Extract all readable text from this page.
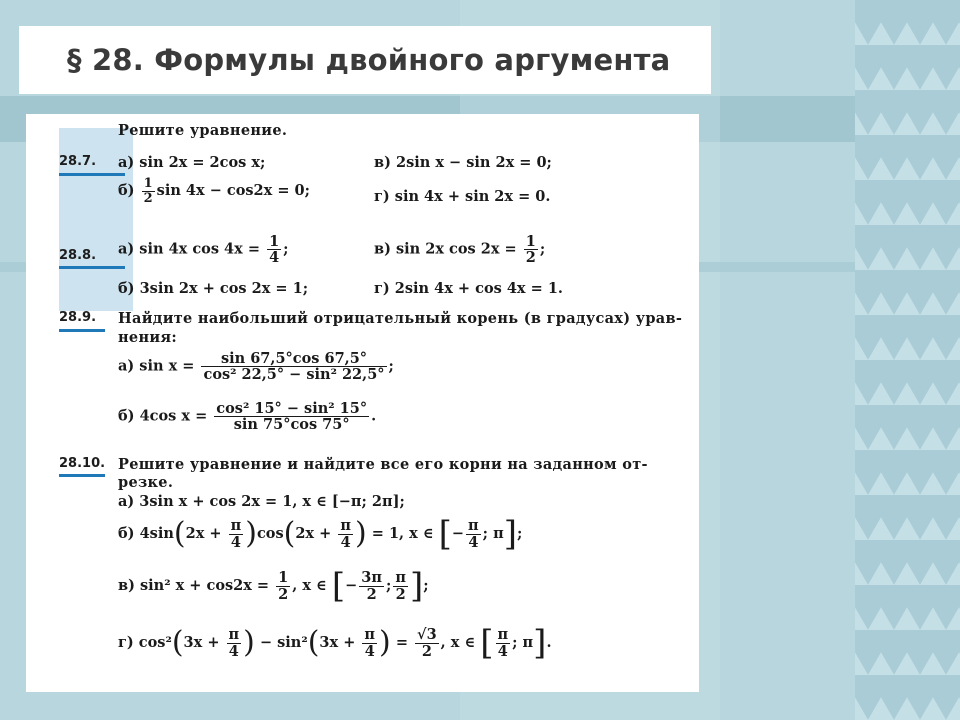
§ 28. Формулы двойного аргумента
Решите уравнение.
28.7. а) sin 2x = 2cos x;	в) 2sin x − sin 2x = 0;
$б) \frac{1}{2}$ sin 4x − cos2x = 0;	г) sin 4x + sin 2x = 0.
28.8. а) sin 4x $\cos 4x = \frac{1}{4}$ ;	в) sin 2x $\cos 2x = \frac{1}{2}$ ;
б) 3sin 2x + cos 2x = 1;	г) 2sin 4x + cos 4x = 1.
28.9. Найдите наибольший отрицательный корень (в градусах) урав-
нения:
а) $\sin x = \frac{\sin 67,5^\circ\cos 67,5^\circ}{\text{cos² 22,5° − sin² 22,5°}}$ ;
б) 4cos $x = \frac{\text{cos² 15° − sin² 15°}}{\sin 75^\circ\cos 75^\circ}$ .
28.10. Решите уравнение и найдите все его корни на заданном от-
резке.
а) 3sin x + cos 2x = 1, x ∈ [−π; 2π];
б) $4\sin(2x + \frac{\pi}{4} )\cos(2x + \frac{\pi}{4}$ ) = 1, x ∈ [− $\frac{\pi}{4}$ ; π];
в) sin² $x + \cos 2x = \frac{1}{2}$ , x ∈ [− $\frac{3\pi}{2}$ ; $\frac{\pi}{2}$ ];
г) $\cos^2(3x + \frac{\pi}{4}$ ) − $\sin^2(3x + \frac{\pi}{4}$ ) = $\frac{√3}{2}$ , x ∈ [ $\frac{\pi}{4}$ ; π].
